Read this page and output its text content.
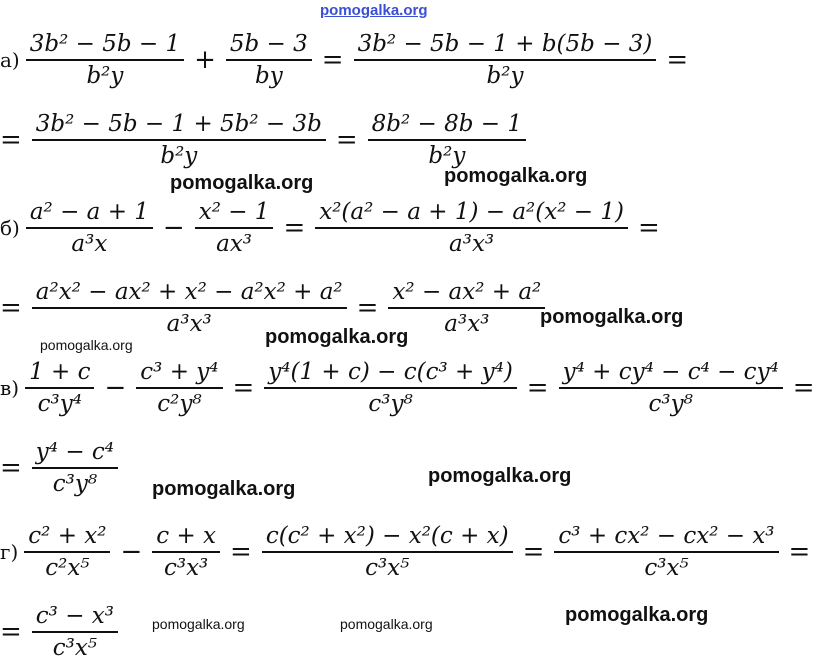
pomogalka.org
$а) \frac{\text{3b² − 5b − 1}}{\text{b²y}} + \frac{5b - 3}{by} = \frac{\text{3b² − 5b − 1 + b(5b − 3)}}{\text{b²y}}$ =
= $\frac{\text{3b² − 5b − 1 + 5b² − 3b}}{\text{b²y}} = \frac{\text{8b² − 8b − 1}}{\text{b²y}}$
pomogalka.org	pomogalka.org
$б) \frac{\text{a² − a + 1}}{\text{a³x}} - \frac{\text{x² − 1}}{\text{ax³}} = \frac{\text{x²(a² − a + 1) − a²(x² − 1)}}{\text{a³x³}}$ =
= $\frac{\text{a²x² − ax² + x² − a²x² + a²}}{\text{a³x³}} = \frac{\text{x² − ax² + a²}}{\text{a³x³}}$
pomogalka.org
pomogalka.org
pomogalka.org
$в) \frac{1 + c}{\text{c³y⁴}} - \frac{\text{c³ + y⁴}}{\text{c²y⁸}} = \frac{\text{y⁴(1 + c) − c(c³ + y⁴)}}{\text{c³y⁸}} = \frac{\text{y⁴ + cy⁴ − c⁴ − cy⁴}}{\text{c³y⁸}}$ =
= $\frac{\text{y⁴ − c⁴}}{\text{c³y⁸}}$ pomogalka.org
pomogalka.org
$г) \frac{\text{c² + x²}}{\text{c²x⁵}} - \frac{c + x}{\text{c³x³}} = \frac{\text{c(c² + x²) − x²(c + x)}}{\text{c³x⁵}} = \frac{\text{c³ + cx² − cx² − x³}}{\text{c³x⁵}}$ =
= $\frac{\text{c³ − x³}}{\text{c³x⁵}}$ pomogalka.org	pomogalka.org	pomogalka.org
